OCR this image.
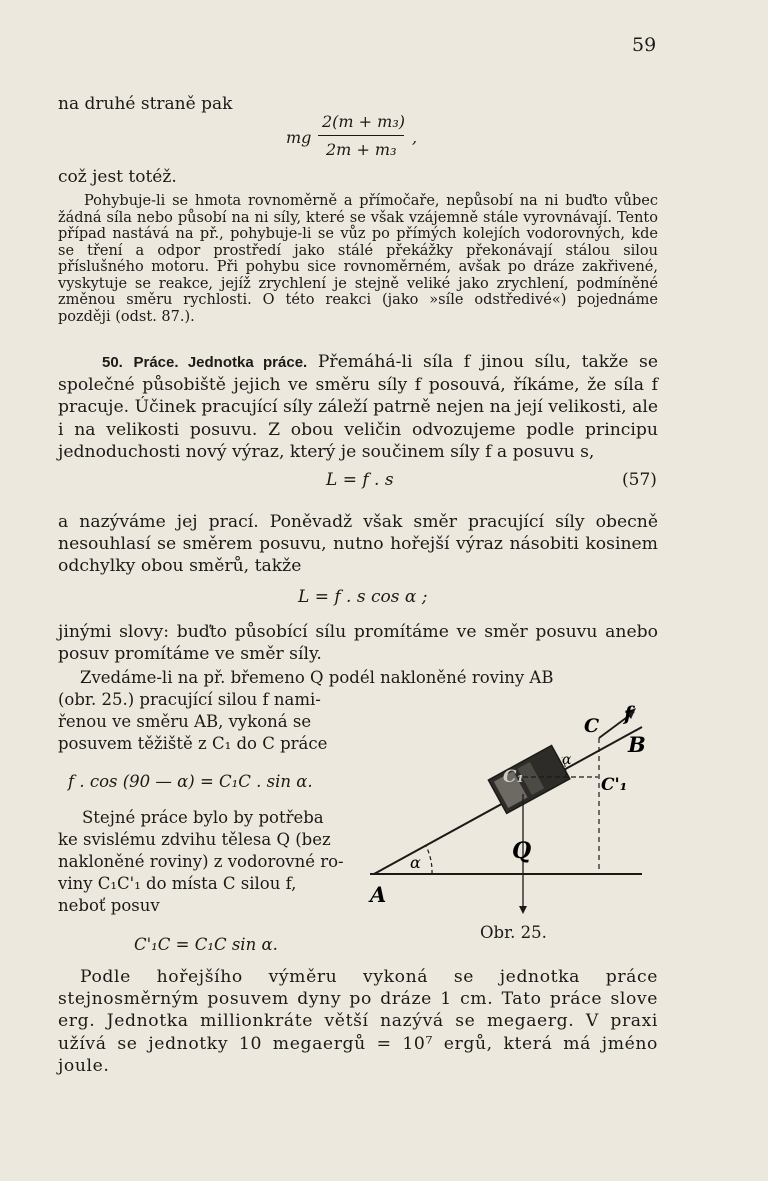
59

na druhé straně pak

mg
2(m + m₃)
2m + m₃
,

což jest totéž.

Pohybuje-li se hmota rovnoměrně a přímočaře, nepůsobí na ni buďto vůbec žádná síla nebo působí na ni síly, které se však vzájemně stále vyrovnávají. Tento případ nastává na př., pohybuje-li se vůz po přímých kolejích vodorovných, kde se tření a odpor prostředí jako stálé překážky překonávají stálou silou příslušného motoru. Při pohybu sice rovnoměrném, avšak po dráze zakřivené, vyskytuje se reakce, jejíž zrychlení je stejně veliké jako zrychlení, podmíněné změnou směru rychlosti. O této reakci (jako »síle odstředivé«) pojednáme později (odst. 87.).

50. Práce. Jednotka práce. Přemáhá-li síla f jinou sílu, takže se společné působiště jejich ve směru síly f posouvá, říkáme, že síla f pracuje. Účinek pracující síly záleží patrně nejen na její velikosti, ale i na velikosti posuvu. Z obou veličin odvozujeme podle principu jednoduchosti nový výraz, který je součinem síly f a posuvu s,

L = f . s	(57)

a nazýváme jej prací. Poněvadž však směr pracující síly obecně nesouhlasí se směrem posuvu, nutno hořejší výraz násobiti kosinem odchylky obou směrů, takže

L = f . s cos α ;

jinými slovy: buďto působící sílu promítáme ve směr posuvu anebo posuv promítáme ve směr síly.

Zvedáme-li na př. břemeno Q podél nakloněné roviny AB
(obr. 25.) pracující silou f nami-
řenou ve směru AB, vykoná se
posuvem těžiště z C₁ do C práce
f . cos (90 — α) = C₁C . sin α.
Stejné práce bylo by potřeba
ke svislému zdvihu tělesa Q (bez
nakloněné roviny) z vodorovné ro-
viny C₁C'₁ do místa C silou f,
neboť posuv
C'₁C = C₁C sin α.
A
B
C
f
C₁	C'₁
Q
α
α
Obr. 25.

Podle hořejšího výměru vykoná se jednotka práce stejnosměrným posuvem dyny po dráze 1 cm. Tato práce slove erg. Jednotka millionkráte větší nazývá se megaerg. V praxi užívá se jednotky 10 megaergů = 10⁷ ergů, která má jméno joule.
